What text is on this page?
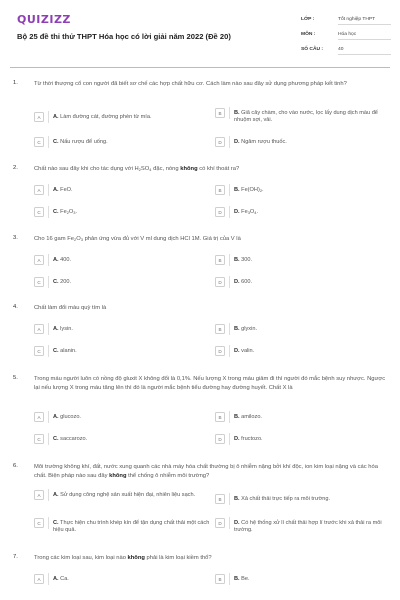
QUIZIZZ
Bộ 25 đề thi thử THPT Hóa học có lời giải năm 2022 (Đề 20)
LỚP :	Tốt nghiệp THPT
MÔN :	Hóa học
SỐ CÂU :	40
1.	Từ thời thượng cổ con người đã biết sơ chế các hợp chất hữu cơ. Cách làm nào sau đây sử dụng phương pháp kết tinh?
A	A. Làm đường cát, đường phèn từ mía.
B	B. Giã cây chàm, cho vào nước, lọc lấy dung dịch màu để nhuộm sợi, vải.
C	C. Nấu rượu để uống.	D	D. Ngâm rượu thuốc.
2.	Chất nào sau đây khi cho tác dụng với $H_2SO_4$ đặc, nóng không có khí thoát ra?
A	A. FeO.	B	B. $Fe(OH)_2$.
C	C. $Fe_2O_3$.	D	D. $Fe_3O_4$.
3.	Cho 16 gam $Fe_2O_3$ phản ứng vừa đủ với V ml dung dịch HCl 1M. Giá trị của V là
A	A. 400.	B	B. 300.
C	C. 200.	D	D. 600.
4.	Chất làm đổi màu quỳ tím là
A	A. lysin.	B	B. glyxin.
C	C. alanin.	D	D. valin.
5.	Trong máu người luôn có nồng độ gluxit X không đổi là 0,1%. Nếu lượng X trong máu giảm đi thì người đó mắc bệnh suy nhược. Ngược lại nếu lượng X trong máu tăng lên thì đó là người mắc bệnh tiểu đường hay đường huyết. Chất X là
A	A. glucozo.	B	B. amilozo.
C	C. saccarozo.	D	D. fructozo.
6.	Môi trường không khí, đất, nước xung quanh các nhà máy hóa chất thường bị ô nhiễm nặng bởi khí độc, ion kim loại nặng và các hóa chất. Biện pháp nào sau đây không thể chống ô nhiễm môi trường?
A	A. Sử dụng công nghệ sản xuất hiện đại, nhiên liệu sạch.
B	B. Xả chất thải trực tiếp ra môi trường.
C	C. Thực hiện chu trình khép kín để tận dụng chất thải một cách hiệu quả.
D	D. Có hệ thống xử lí chất thải hợp lí trước khi xả thải ra môi trường.
7.	Trong các kim loại sau, kim loại nào không phải là kim loại kiềm thổ?
A	A. Ca.	B	B. Be.
